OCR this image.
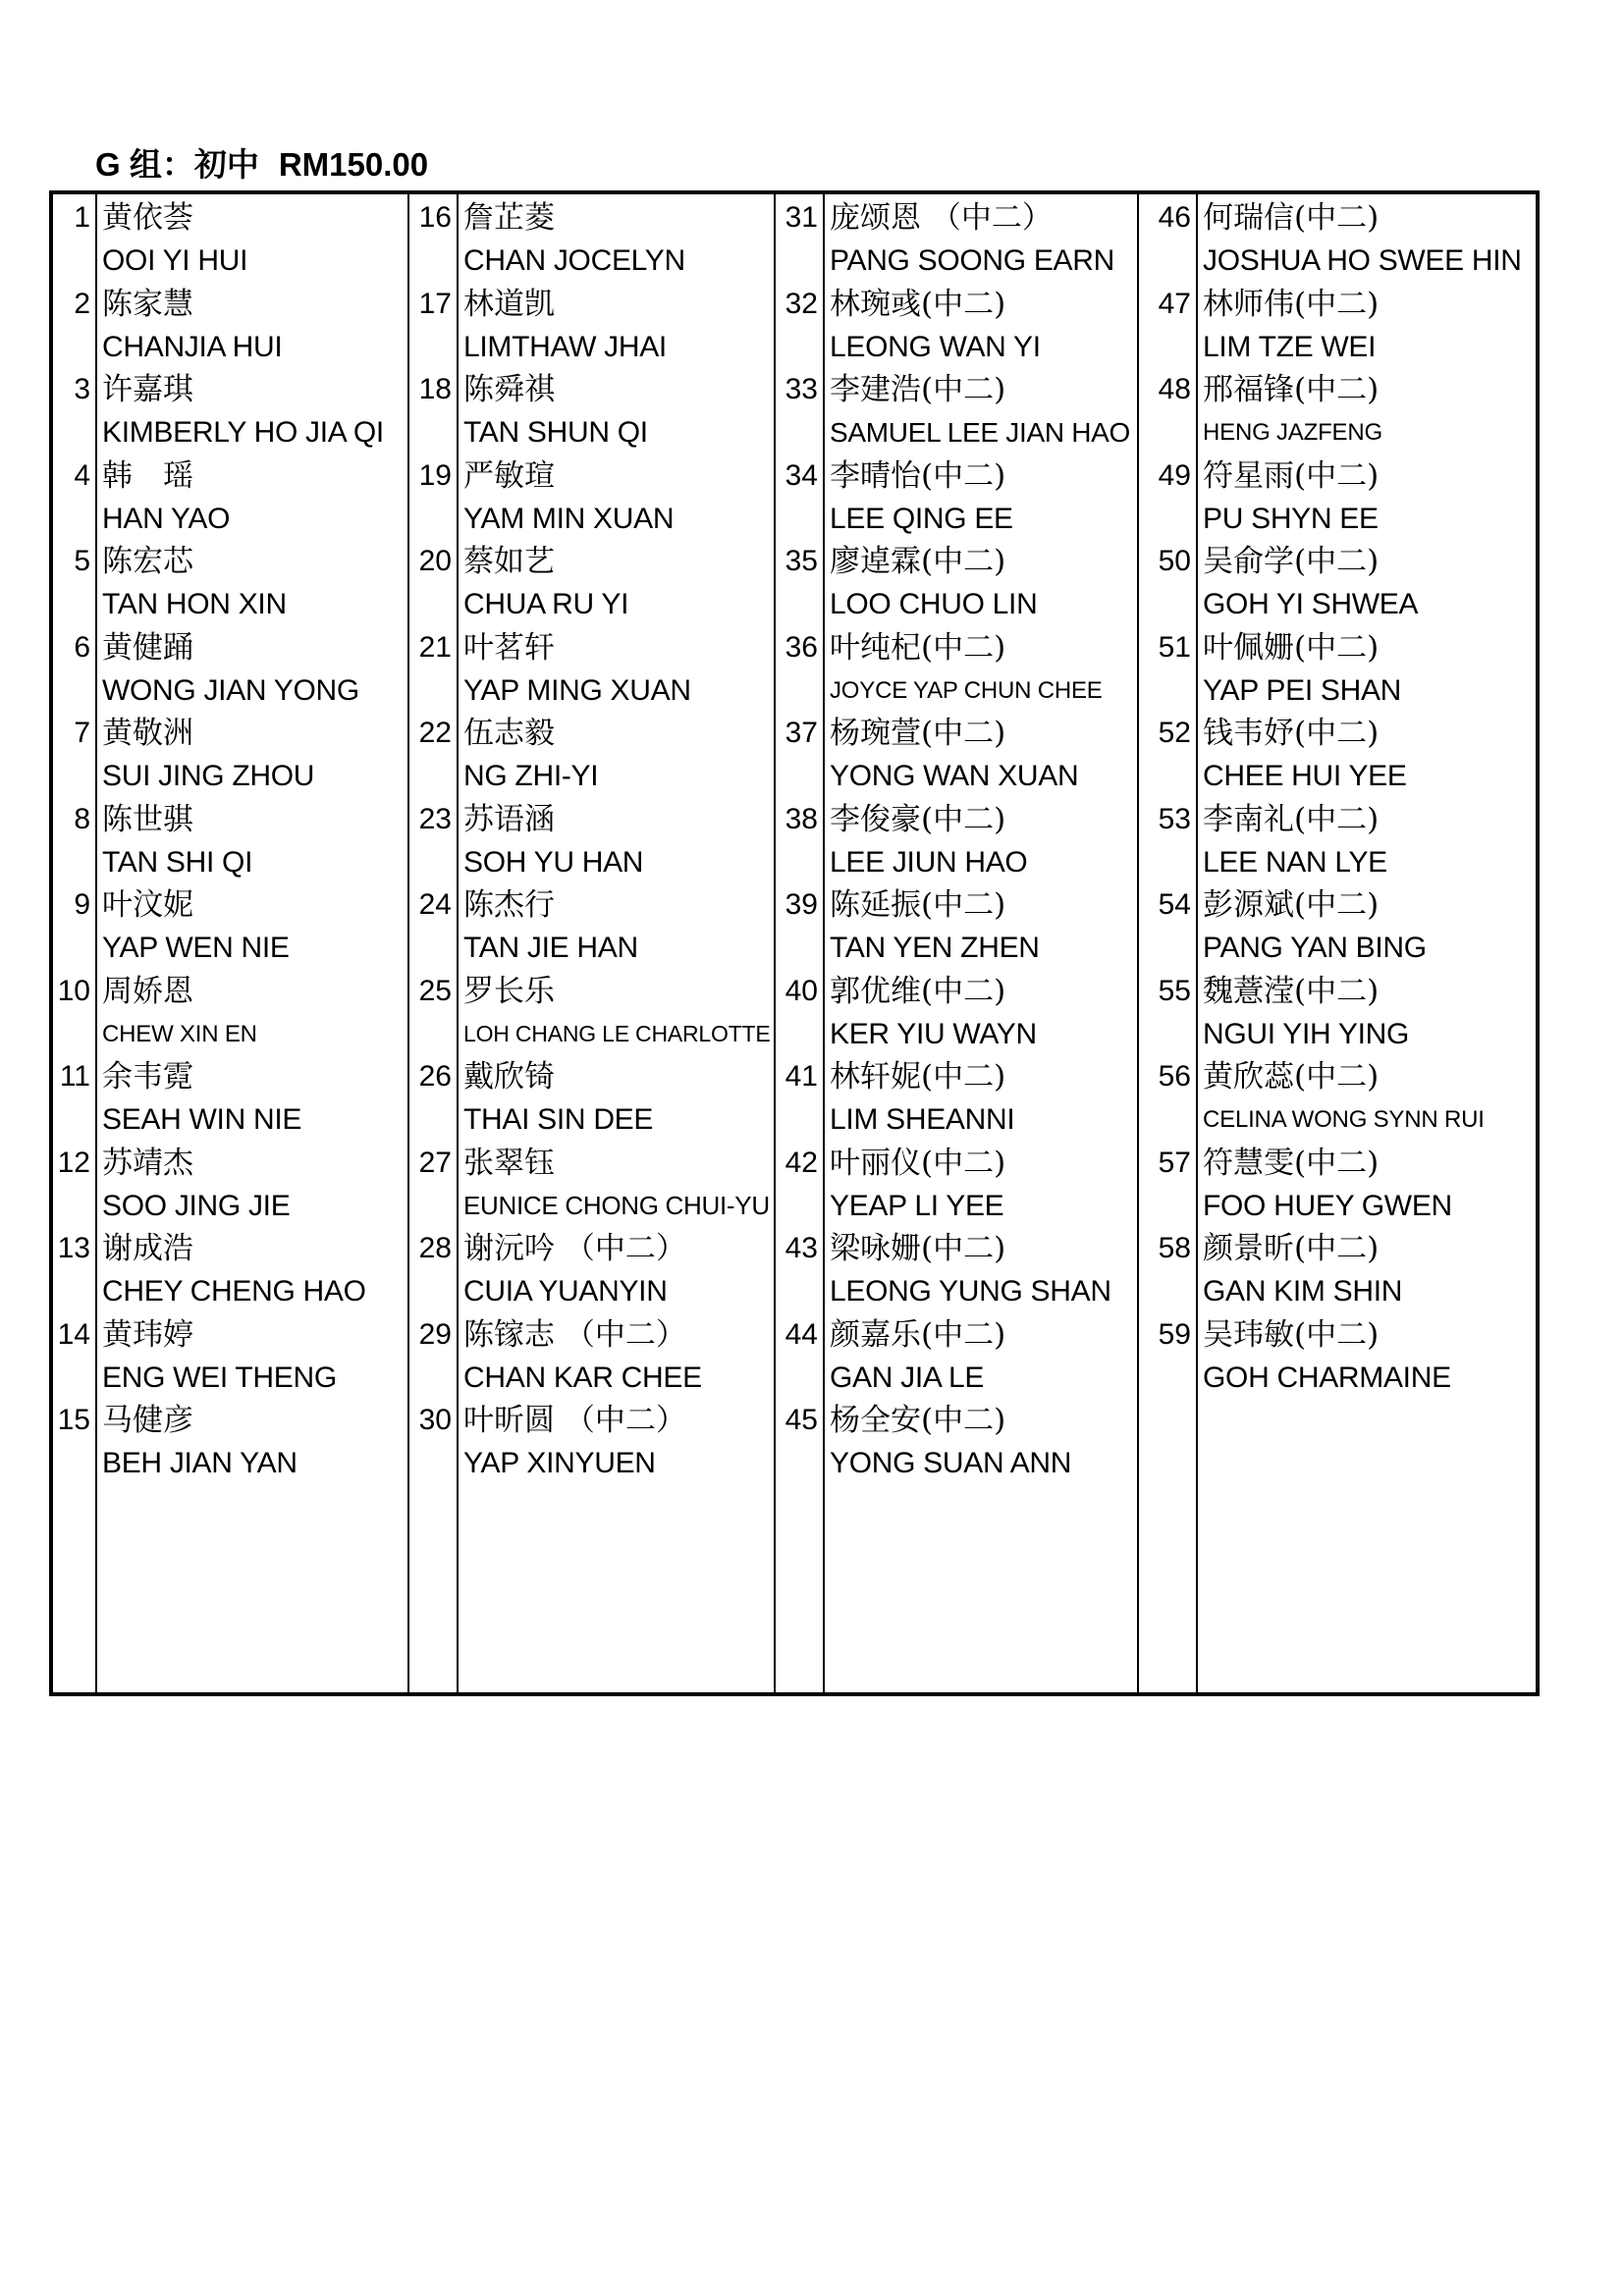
G 组：初中 RM150.00
1
2
3
4
5
6
7
8
9
10
11
12
13
14
15
黄依荟
OOI YI HUI
陈家慧
CHANJIA HUI
许嘉琪
KIMBERLY HO JIA QI
韩　瑶
HAN YAO
陈宏芯
TAN HON XIN
黄健踊
WONG JIAN YONG
黄敬洲
SUI JING ZHOU
陈世骐
TAN SHI QI
叶汶妮
YAP WEN NIE
周娇恩
CHEW XIN EN
余韦霓
SEAH WIN NIE
苏靖杰
SOO JING JIE
谢成浩
CHEY CHENG HAO
黄玮婷
ENG WEI THENG
马健彦
BEH JIAN YAN
16
17
18
19
20
21
22
23
24
25
26
27
28
29
30
詹芷菱
CHAN JOCELYN
林道凯
LIMTHAW JHAI
陈舜祺
TAN SHUN QI
严敏瑄
YAM MIN XUAN
蔡如艺
CHUA RU YI
叶茗轩
YAP MING XUAN
伍志毅
NG ZHI-YI
苏语涵
SOH YU HAN
陈杰行
TAN JIE HAN
罗长乐
LOH CHANG LE CHARLOTTE
戴欣锜
THAI SIN DEE
张翠钰
EUNICE CHONG CHUI-YU
谢沅吟 （中二）
CUIA YUANYIN
陈镓志 （中二）
CHAN KAR CHEE
叶昕圆 （中二）
YAP XINYUEN
31
32
33
34
35
36
37
38
39
40
41
42
43
44
45
庞颂恩 （中二）
PANG SOONG EARN
林琬彧(中二)
LEONG WAN YI
李建浩(中二)
SAMUEL LEE JIAN HAO
李晴怡(中二)
LEE QING EE
廖逴霖(中二)
LOO CHUO LIN
叶纯杞(中二)
JOYCE YAP CHUN CHEE
杨琬萱(中二)
YONG WAN XUAN
李俊豪(中二)
LEE JIUN HAO
陈延振(中二)
TAN YEN ZHEN
郭优维(中二)
KER YIU WAYN
林轩妮(中二)
LIM SHEANNI
叶丽仪(中二)
YEAP LI YEE
梁咏姗(中二)
LEONG YUNG SHAN
颜嘉乐(中二)
GAN JIA LE
杨全安(中二)
YONG SUAN ANN
46
47
48
49
50
51
52
53
54
55
56
57
58
59
何瑞信(中二)
JOSHUA HO SWEE HIN
林师伟(中二)
LIM TZE WEI
邢福锋(中二)
HENG JAZFENG
符星雨(中二)
PU SHYN EE
吴俞学(中二)
GOH YI SHWEA
叶佩姗(中二)
YAP PEI SHAN
钱韦妤(中二)
CHEE HUI YEE
李南礼(中二)
LEE NAN LYE
彭源斌(中二)
PANG YAN BING
魏薏滢(中二)
NGUI YIH YING
黄欣蕊(中二)
CELINA WONG SYNN RUI
符慧雯(中二)
FOO HUEY GWEN
颜景昕(中二)
GAN KIM SHIN
吴玮敏(中二)
GOH CHARMAINE
